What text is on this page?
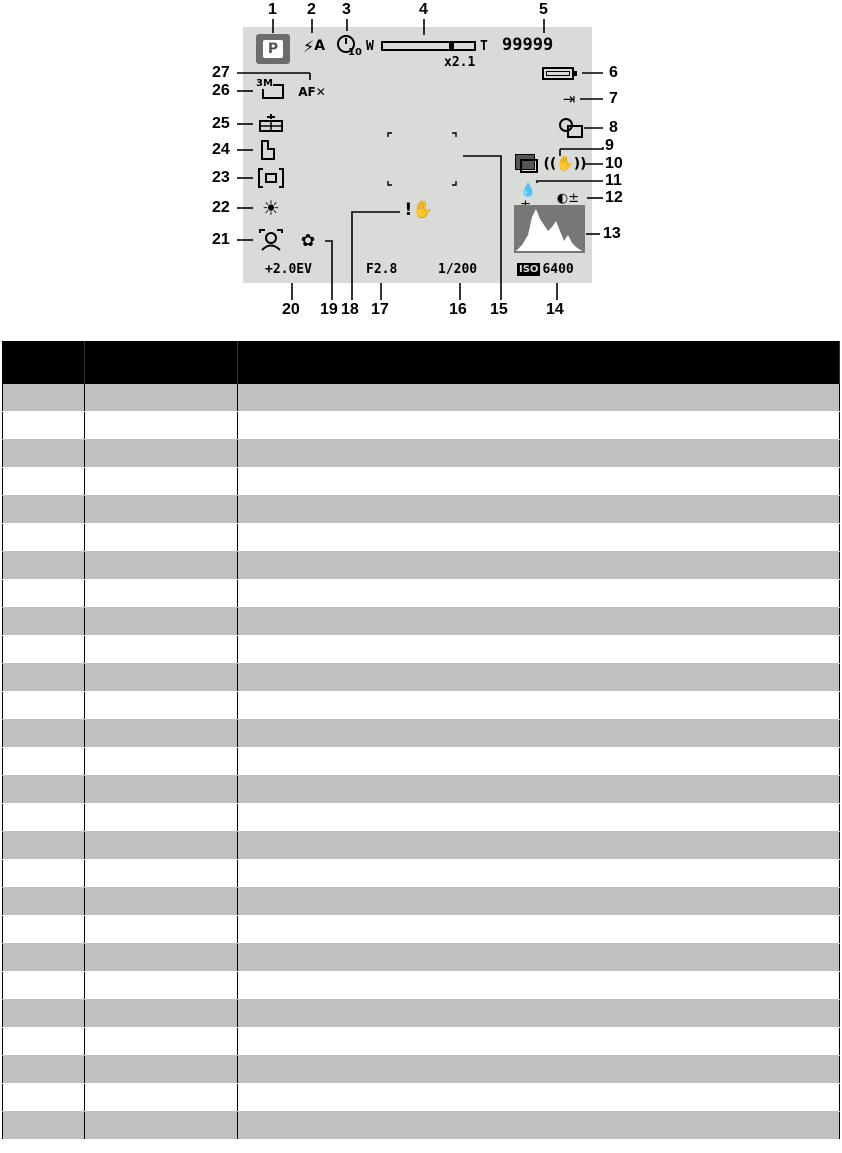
1 2 3	4	5
6
7
8
9
10
11
12
13
14
15
16
17
18
19
20
21
22
23
24
25
26
27
P	⚡ A 10 W	T
x2.1
99999
⇥
((✋))
💧	◐±
ISO 6400
+2.0EV	F2.8	1/200
!✋
✿
☀
3M
AF ✕
